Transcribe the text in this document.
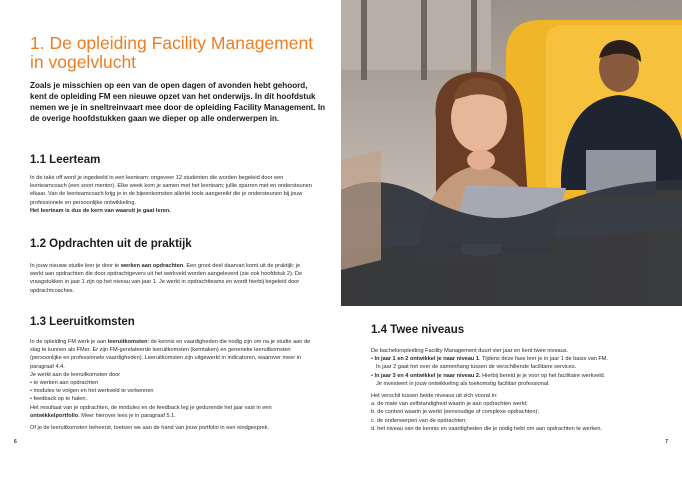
1. De opleiding Facility Management in vogelvlucht

Zoals je misschien op een van de open dagen of avonden hebt gehoord, kent de opleiding FM een nieuwe opzet van het onderwijs. In dit hoofdstuk nemen we je in sneltreinvaart mee door de opleiding Facility Management. In de overige hoofdstukken gaan we dieper op alle onderwerpen in.

1.1 Leerteam

In de take off word je ingedeeld in een leerteam: ongeveer 12 studenten die worden begeleid door een leerteamcoach (een soort mentor). Elke week kom je samen met het leerteam; jullie sparren met en ondersteunen elkaar. Van de leerteamcoach krijg je in de bijeenkomsten allerlei tools aangereikt die je ondersteunen bij jouw professionele en persoonlijke ontwikkeling.
Het leerteam is dus de kern van waaruit je gaat leren.

1.2 Opdrachten uit de praktijk

In jouw nieuwe studie leer je door te werken aan opdrachten. Een groot deel daarvan komt uit de praktijk: je werkt aan opdrachten die door opdrachtgevers uit het werkveld worden aangeleverd (zie ook hoofdstuk 2). De vraagstukken in jaar 1 zijn op het niveau van jaar 1. Je werkt in opdrachtteams en wordt hierbij begeleid door opdrachtcoaches.

1.3 Leeruitkomsten
In de opleiding FM werk je aan leeruitkomsten: de kennis en vaardigheden die nodig zijn om na je studie aan de slag te kunnen als FMer. Er zijn FM-gerelateerde leeruitkomsten (kerntaken) en generieke leeruitkomsten (persoonlijke en professionele vaardigheden). Leeruitkomsten zijn uitgewerkt in indicatoren, waarover meer in paragraaf 4.4.
Je werkt aan de leeruitkomsten door
• te werken aan opdrachten
• modules te volgen en het werkveld te verkennen
• feedback op te halen.
Het resultaat van je opdrachten, de modules en de feedback leg je gedurende het jaar vast in een ontwikkelportfolio. Meer hierover lees je in paragraaf 5.1.

Of je de leeruitkomsten beheerst, toetsen we aan de hand van jouw portfolio in een eindgesprek.
6
1.4 Twee niveaus
De bacheloropleiding Facility Management duurt vier jaar en kent twee niveaus.
• In jaar 1 en 2 ontwikkel je naar niveau 1. Tijdens deze fase leer je in jaar 1 de basis van FM.
In jaar 2 gaat het over de samenhang tussen de verschillende facilitaire services.
• In jaar 3 en 4 ontwikkel je naar niveau 2. Hierbij bereid je je voor op het facilitaire werkveld.
Je investeert in jouw ontwikkeling als toekomstig facilitair professional.

Het verschil tussen beide niveaus uit zich vooral in:
a. de mate van zelfstandigheid waarin je aan opdrachten werkt;
b. de context waarin je werkt (eenvoudige of complexe opdrachten);
c. de onderwerpen van de opdrachten;
d. het niveau van de kennis en vaardigheden die je nodig hebt om aan opdrachten te werken.
7
